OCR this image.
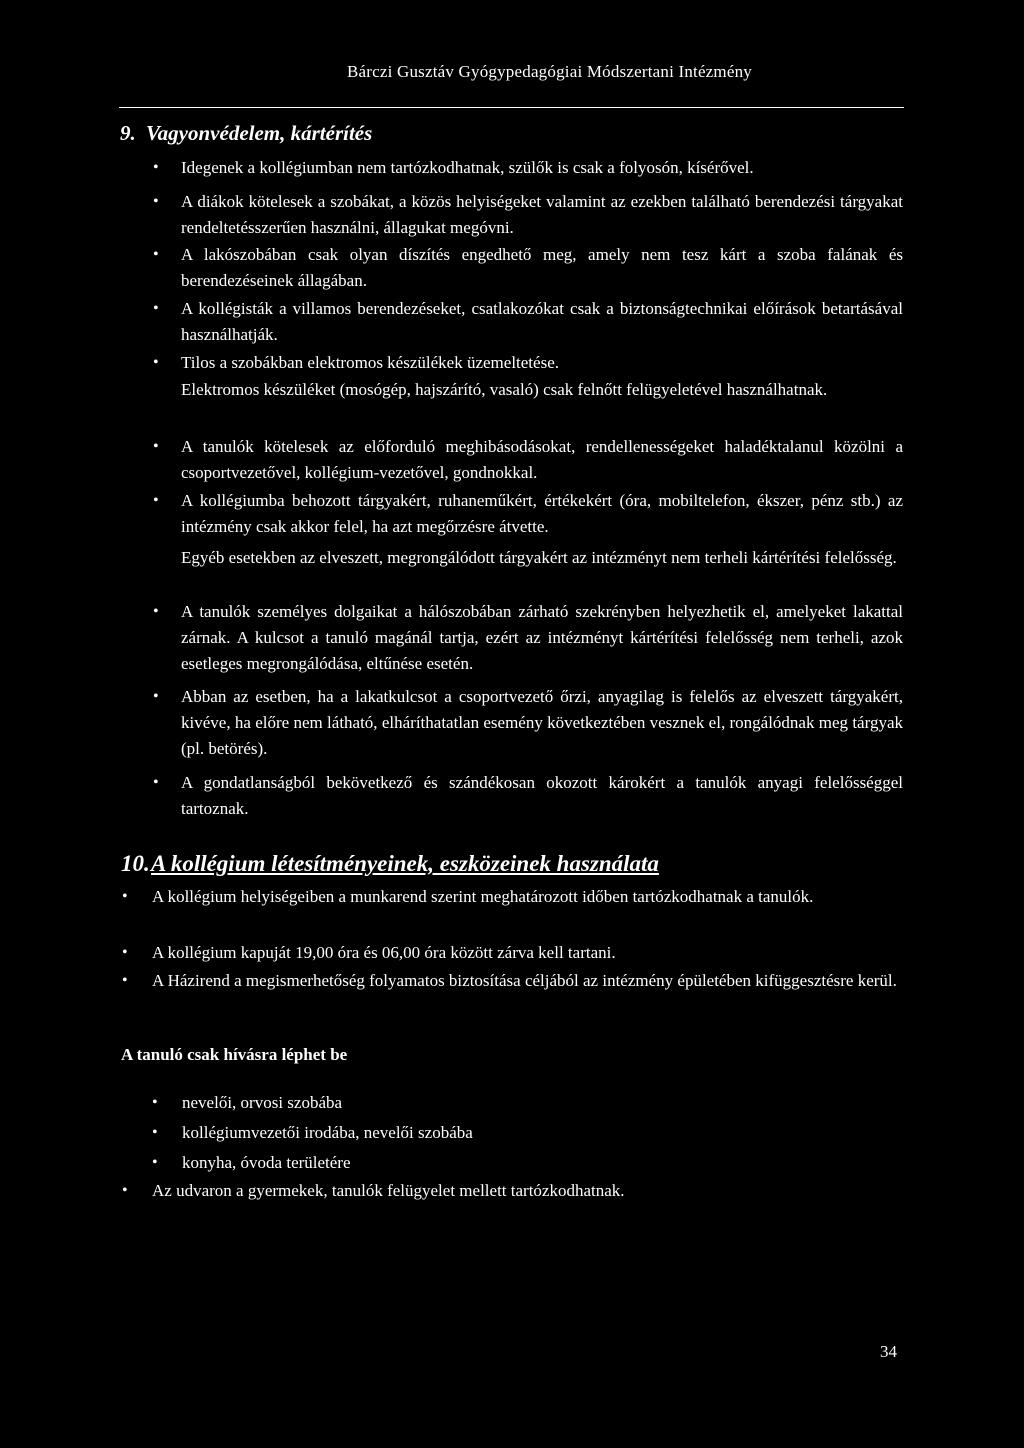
Bárczi Gusztáv Gyógypedagógiai Módszertani Intézmény
9. Vagyonvédelem, kártérítés
• Idegenek a kollégiumban nem tartózkodhatnak, szülők is csak a folyosón, kísérővel.
• A diákok kötelesek a szobákat, a közös helyiségeket valamint az ezekben található berendezési tárgyakat rendeltetésszerűen használni, állagukat megóvni.
• A lakószobában csak olyan díszítés engedhető meg, amely nem tesz kárt a szoba falának és berendezéseinek állagában.
• A kollégisták a villamos berendezéseket, csatlakozókat csak a biztonságtechnikai előírások betartásával használhatják.
• Tilos a szobákban elektromos készülékek üzemeltetése.
Elektromos készüléket (mosógép, hajszárító, vasaló) csak felnőtt felügyeletével használhatnak.
• A tanulók kötelesek az előforduló meghibásodásokat, rendellenességeket haladéktalanul közölni a csoportvezetővel, kollégium-vezetővel, gondnokkal.
• A kollégiumba behozott tárgyakért, ruhaneműkért, értékekért (óra, mobiltelefon, ékszer, pénz stb.) az intézmény csak akkor felel, ha azt megőrzésre átvette.
Egyéb esetekben az elveszett, megrongálódott tárgyakért az intézményt nem terheli kártérítési felelősség.
• A tanulók személyes dolgaikat a hálószobában zárható szekrényben helyezhetik el, amelyeket lakattal zárnak. A kulcsot a tanuló magánál tartja, ezért az intézményt kártérítési felelősség nem terheli, azok esetleges megrongálódása, eltűnése esetén.
• Abban az esetben, ha a lakatkulcsot a csoportvezető őrzi, anyagilag is felelős az elveszett tárgyakért, kivéve, ha előre nem látható, elháríthatatlan esemény következtében vesznek el, rongálódnak meg tárgyak (pl. betörés).
• A gondatlanságból bekövetkező és szándékosan okozott károkért a tanulók anyagi felelősséggel tartoznak.
10.A kollégium létesítményeinek, eszközeinek használata
• A kollégium helyiségeiben a munkarend szerint meghatározott időben tartózkodhatnak a tanulók.
• A kollégium kapuját 19,00 óra és 06,00 óra között zárva kell tartani.
• A Házirend a megismerhetőség folyamatos biztosítása céljából az intézmény épületében kifüggesztésre kerül.
A tanuló csak hívásra léphet be
• nevelői, orvosi szobába
• kollégiumvezetői irodába, nevelői szobába
• konyha, óvoda területére
• Az udvaron a gyermekek, tanulók felügyelet mellett tartózkodhatnak.
34
